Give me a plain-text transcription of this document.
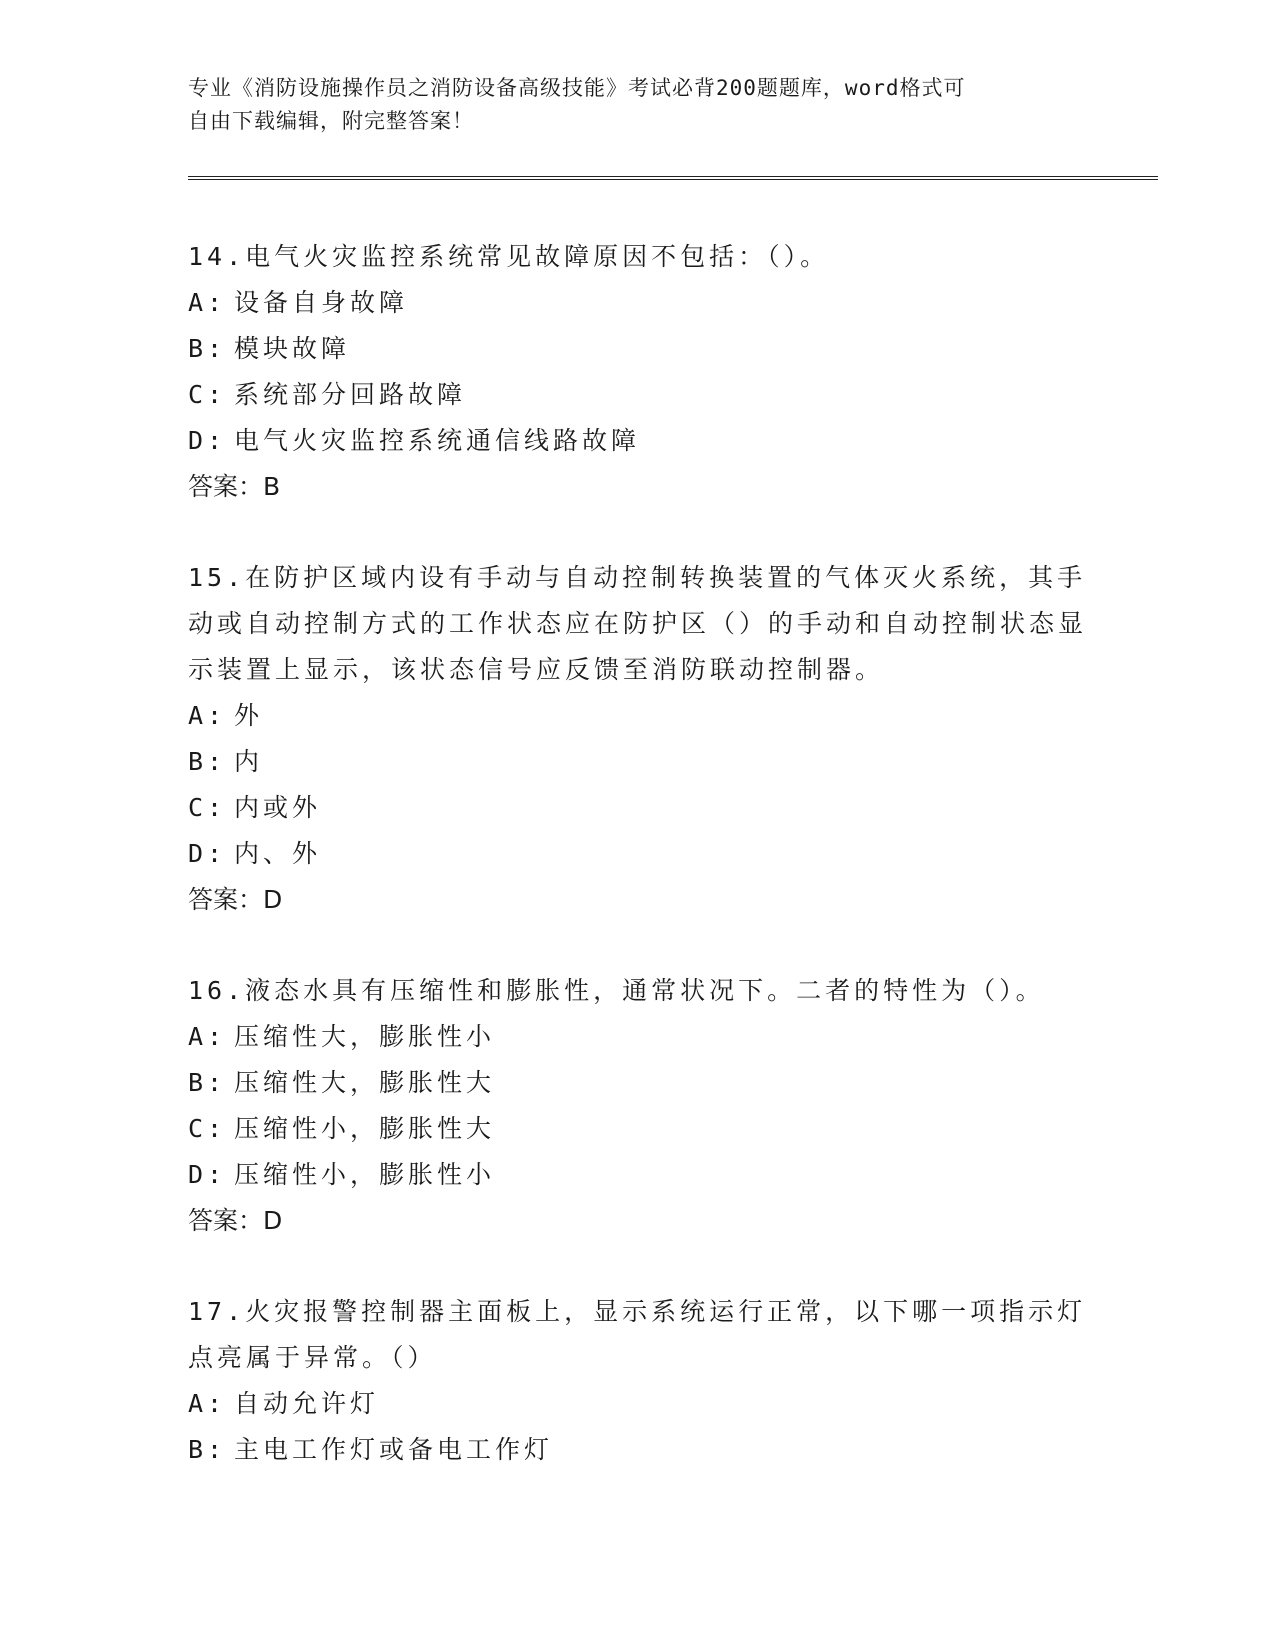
专业《消防设施操作员之消防设备高级技能》考试必背200题题库，word格式可
自由下载编辑，附完整答案！

14.电气火灾监控系统常见故障原因不包括：（）。

A: 设备自身故障

B: 模块故障

C: 系统部分回路故障

D: 电气火灾监控系统通信线路故障

答案：B

15.在防护区域内设有手动与自动控制转换装置的气体灭火系统，其手动或自动控制方式的工作状态应在防护区（）的手动和自动控制状态显示装置上显示，该状态信号应反馈至消防联动控制器。

A: 外

B: 内

C: 内或外

D: 内、外

答案：D

16.液态水具有压缩性和膨胀性，通常状况下。二者的特性为（）。

A: 压缩性大，膨胀性小

B: 压缩性大，膨胀性大

C: 压缩性小，膨胀性大

D: 压缩性小，膨胀性小

答案：D

17.火灾报警控制器主面板上，显示系统运行正常，以下哪一项指示灯点亮属于异常。（）

A: 自动允许灯

B: 主电工作灯或备电工作灯
